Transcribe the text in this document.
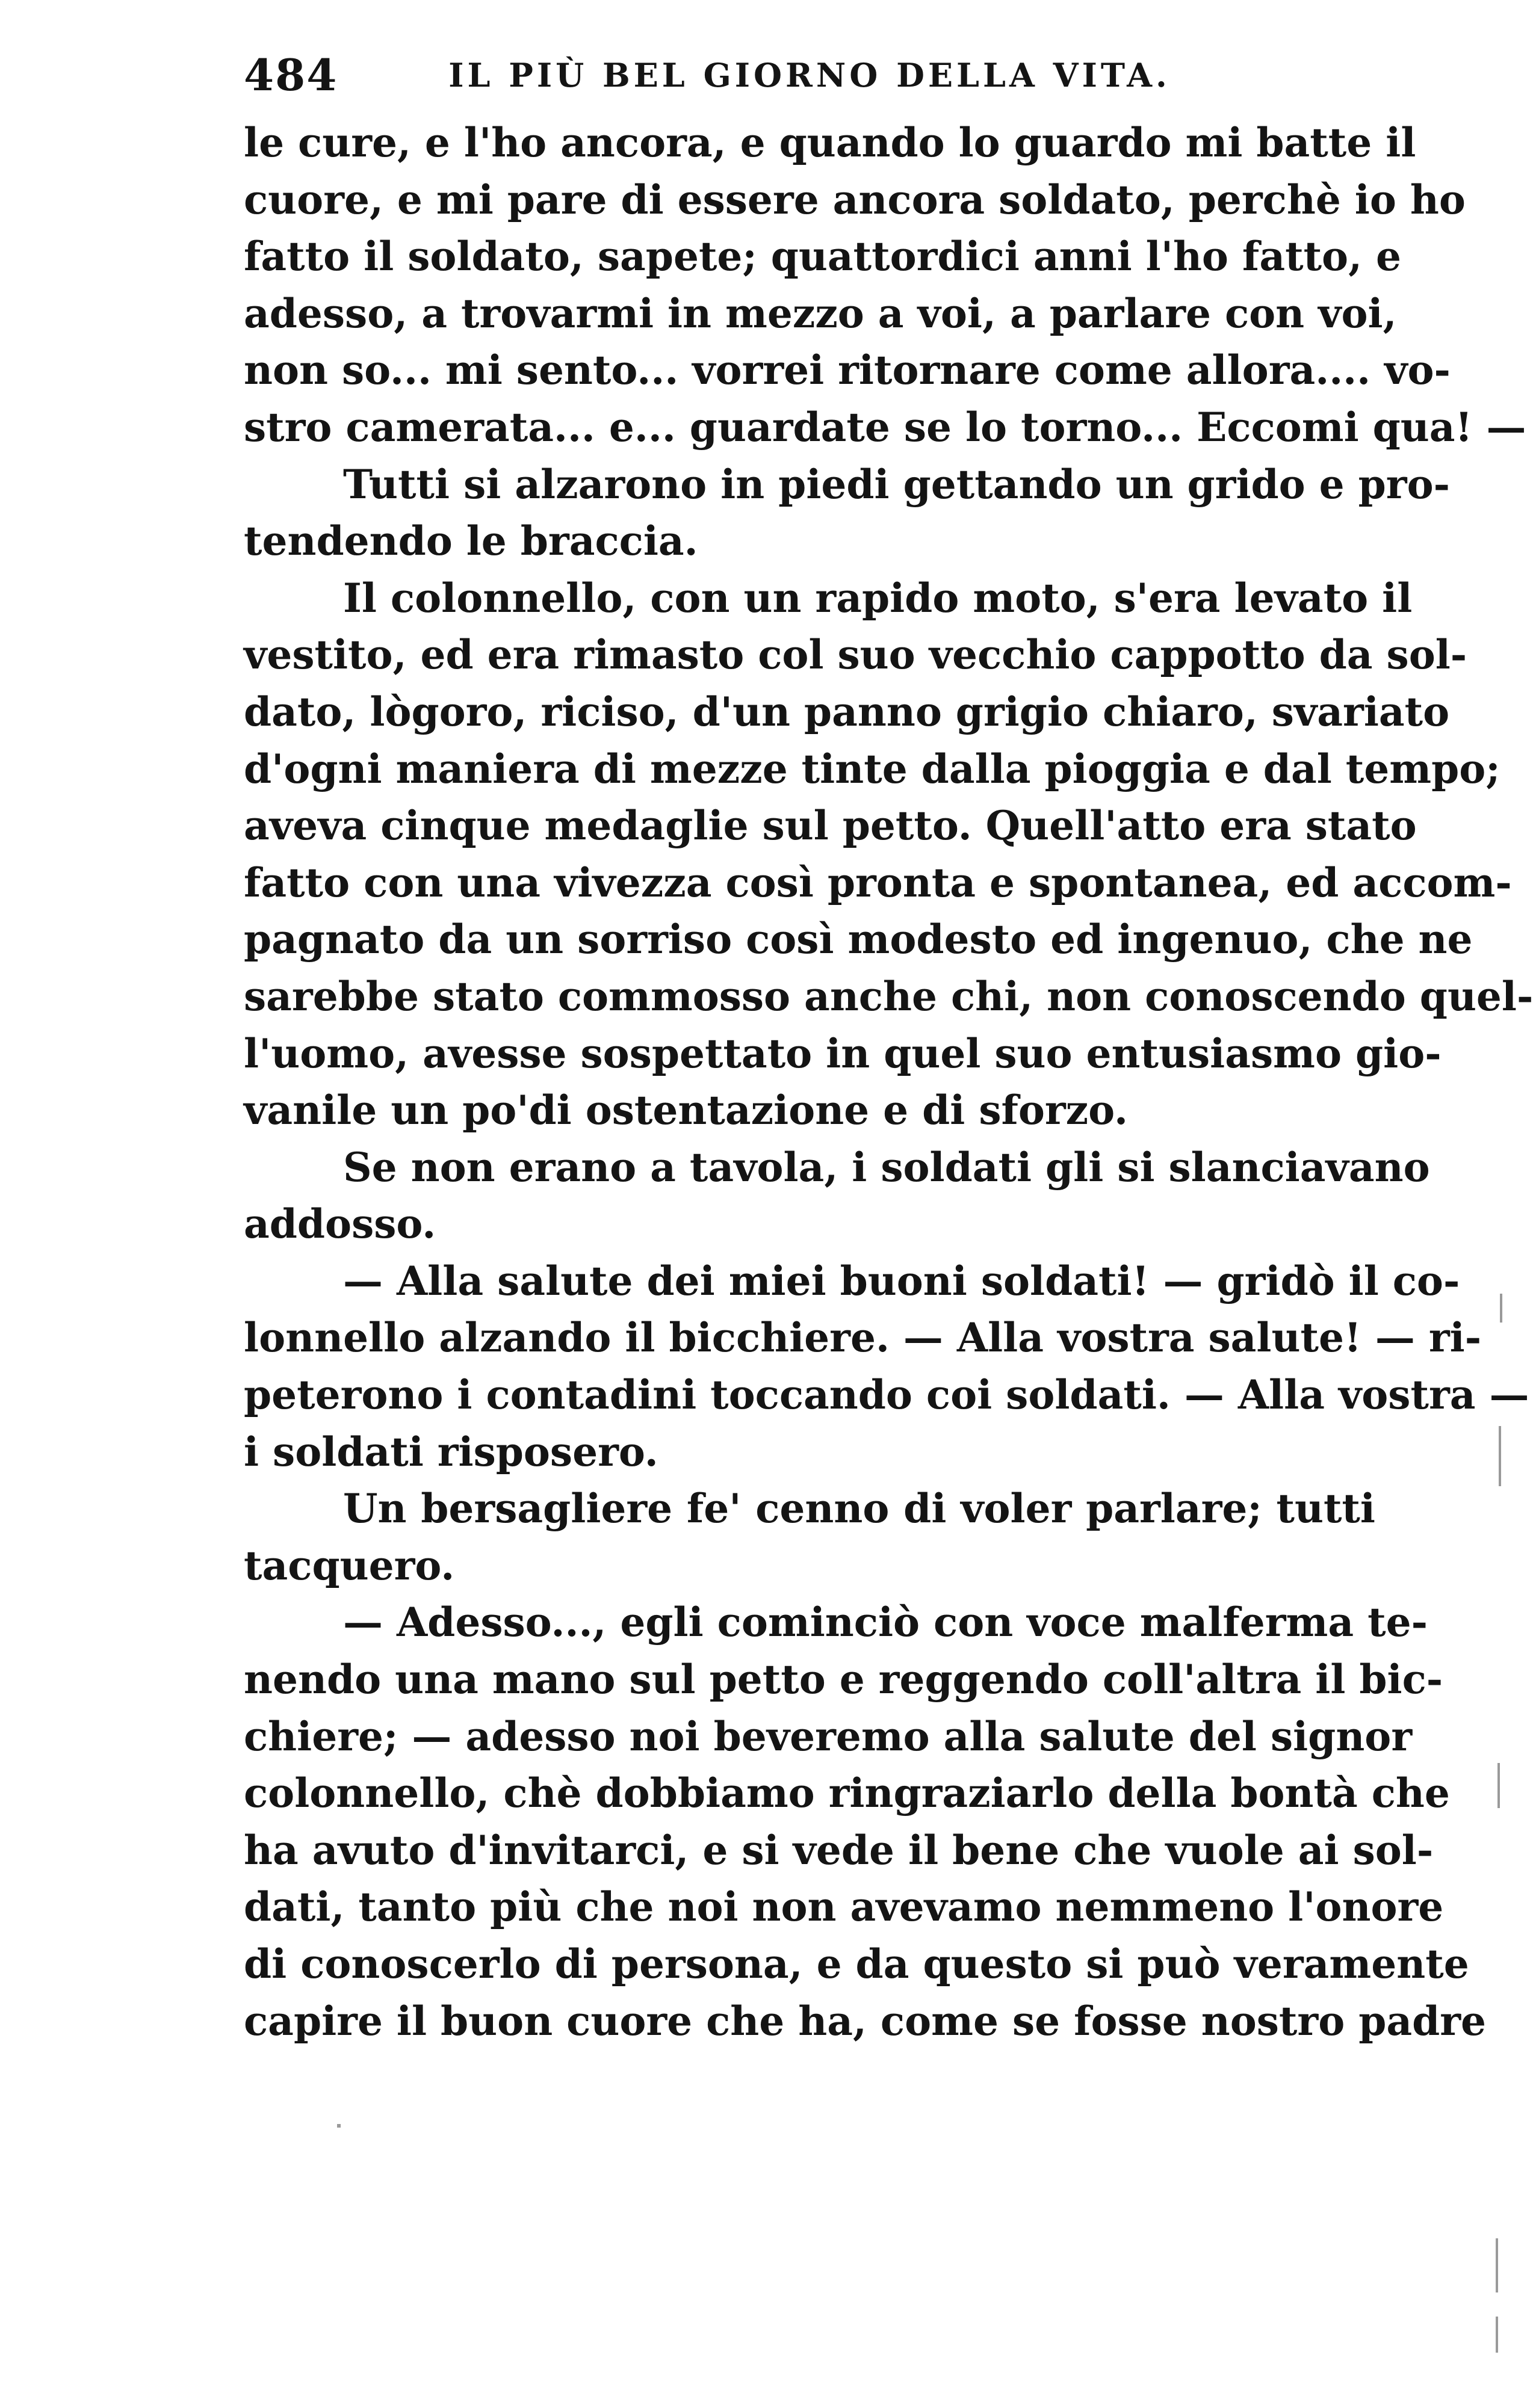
484	IL PIÙ BEL GIORNO DELLA VITA.
le cure, e l'ho ancora, e quando lo guardo mi batte il
cuore, e mi pare di essere ancora soldato, perchè io ho
fatto il soldato, sapete; quattordici anni l'ho fatto, e
adesso, a trovarmi in mezzo a voi, a parlare con voi,
non so... mi sento... vorrei ritornare come allora.... vo-
stro camerata... e... guardate se lo torno... Eccomi qua! —
Tutti si alzarono in piedi gettando un grido e pro-
tendendo le braccia.
Il colonnello, con un rapido moto, s'era levato il
vestito, ed era rimasto col suo vecchio cappotto da sol-
dato, lògoro, riciso, d'un panno grigio chiaro, svariato
d'ogni maniera di mezze tinte dalla pioggia e dal tempo;
aveva cinque medaglie sul petto. Quell'atto era stato
fatto con una vivezza così pronta e spontanea, ed accom-
pagnato da un sorriso così modesto ed ingenuo, che ne
sarebbe stato commosso anche chi, non conoscendo quel-
l'uomo, avesse sospettato in quel suo entusiasmo gio-
vanile un po'di ostentazione e di sforzo.
Se non erano a tavola, i soldati gli si slanciavano
addosso.
— Alla salute dei miei buoni soldati! — gridò il co-
lonnello alzando il bicchiere. — Alla vostra salute! — ri-
peterono i contadini toccando coi soldati. — Alla vostra —
i soldati risposero.
Un bersagliere fe' cenno di voler parlare; tutti
tacquero.
— Adesso..., egli cominciò con voce malferma te-
nendo una mano sul petto e reggendo coll'altra il bic-
chiere; — adesso noi beveremo alla salute del signor
colonnello, chè dobbiamo ringraziarlo della bontà che
ha avuto d'invitarci, e si vede il bene che vuole ai sol-
dati, tanto più che noi non avevamo nemmeno l'onore
di conoscerlo di persona, e da questo si può veramente
capire il buon cuore che ha, come se fosse nostro padre
